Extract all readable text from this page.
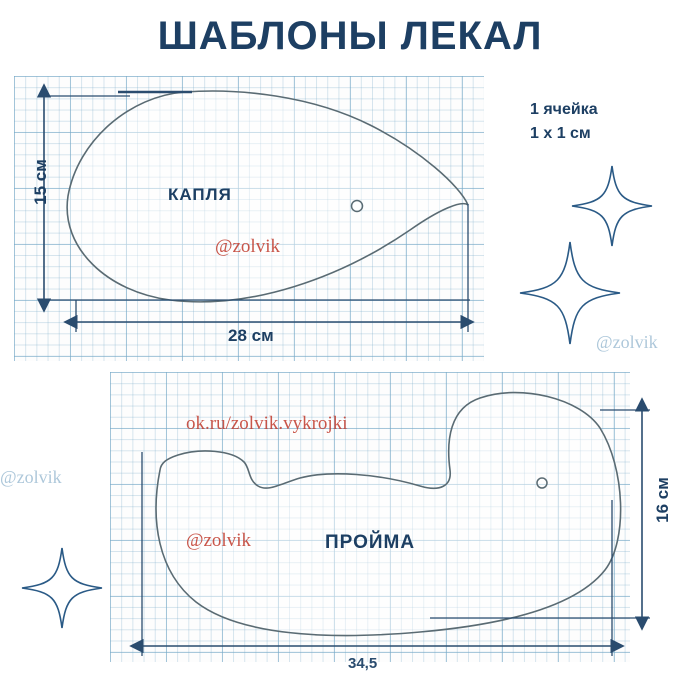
ШАБЛОНЫ ЛЕКАЛ
КАПЛЯ
ПРОЙМА
15 см
28 см
16 см
34,5
1 ячейка
1 x 1 см
@zolvik
@zolvik
@zolvik
@zolvik
ok.ru/zolvik.vykrojki
